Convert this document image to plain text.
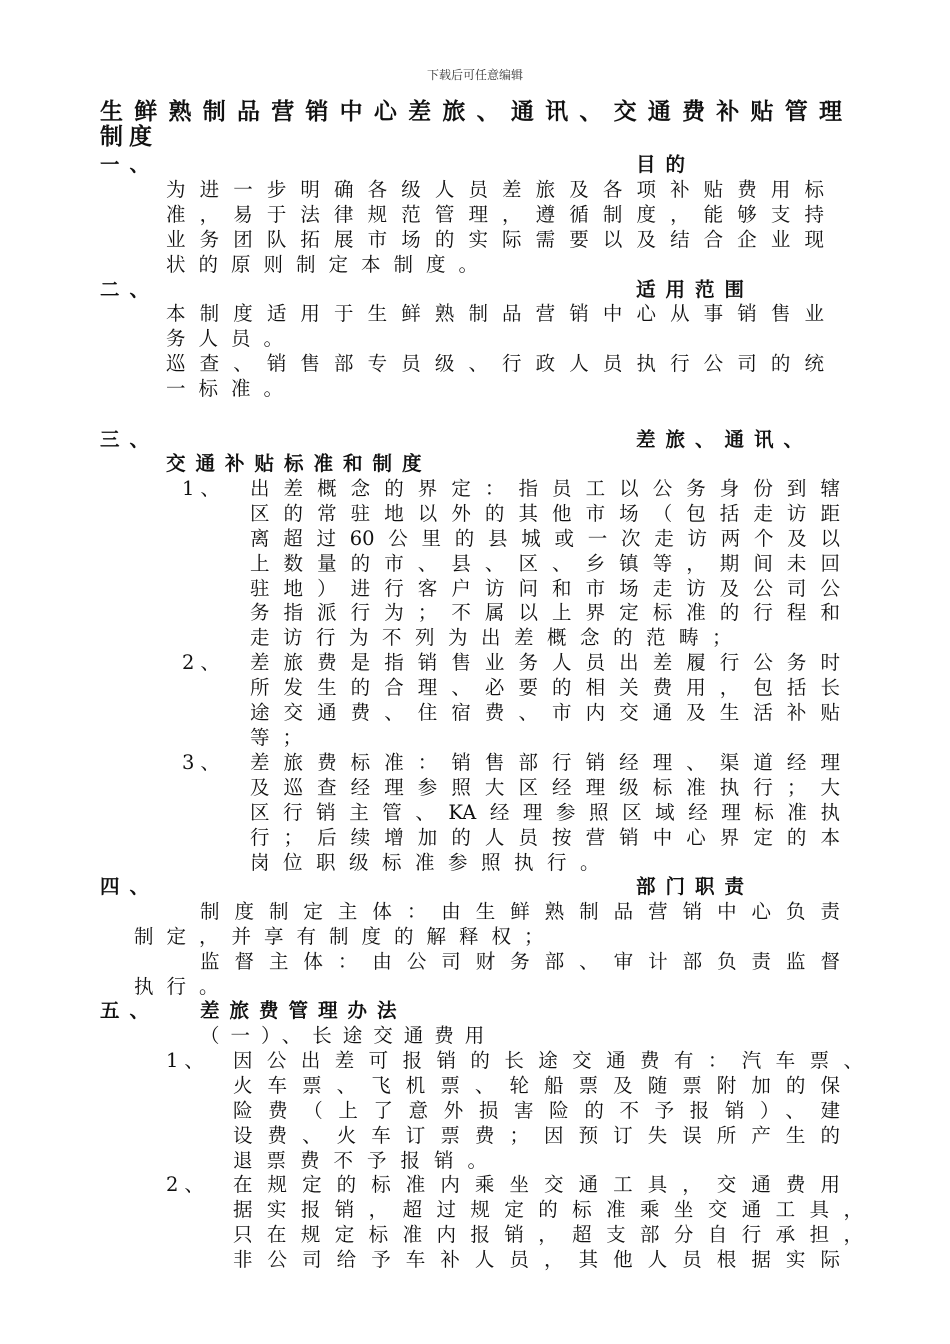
下载后可任意编辑
生鲜熟制品营销中心差旅、通讯、交通费补贴管理
制度
一、	目的
为进一步明确各级人员差旅及各项补贴费用标
准，易于法律规范管理，遵循制度，能够支持
业务团队拓展市场的实际需要以及结合企业现
状的原则制定本制度。
二、	适用范围
本制度适用于生鲜熟制品营销中心从事销售业
务人员。
巡查、销售部专员级、行政人员执行公司的统
一标准。
三、	差旅、通讯、
交通补贴标准和制度
1、 出差概念的界定：指员工以公务身份到辖
区的常驻地以外的其他市场（包括走访距
离超过60公里的县城或一次走访两个及以
上数量的市、县、区、乡镇等，期间未回
驻地）进行客户访问和市场走访及公司公
务指派行为；不属以上界定标准的行程和
走访行为不列为出差概念的范畴；
2、 差旅费是指销售业务人员出差履行公务时
所发生的合理、必要的相关费用，包括长
途交通费、住宿费、市内交通及生活补贴
等；
3、 差旅费标准：销售部行销经理、渠道经理
及巡查经理参照大区经理级标准执行；大
区行销主管、KA经理参照区域经理标准执
行；后续增加的人员按营销中心界定的本
岗位职级标准参照执行。
四、	部门职责
制度制定主体：由生鲜熟制品营销中心负责
制定，并享有制度的解释权；
监督主体：由公司财务部、审计部负责监督
执行。
五、 差旅费管理办法
（一）、长途交通费用
1、 因公出差可报销的长途交通费有：汽车票、
火车票、飞机票、轮船票及随票附加的保
险费（上了意外损害险的不予报销）、建
设费、火车订票费；因预订失误所产生的
退票费不予报销。
2、 在规定的标准内乘坐交通工具，交通费用
据实报销，超过规定的标准乘坐交通工具，
只在规定标准内报销，超支部分自行承担，
非公司给予车补人员，其他人员根据实际
